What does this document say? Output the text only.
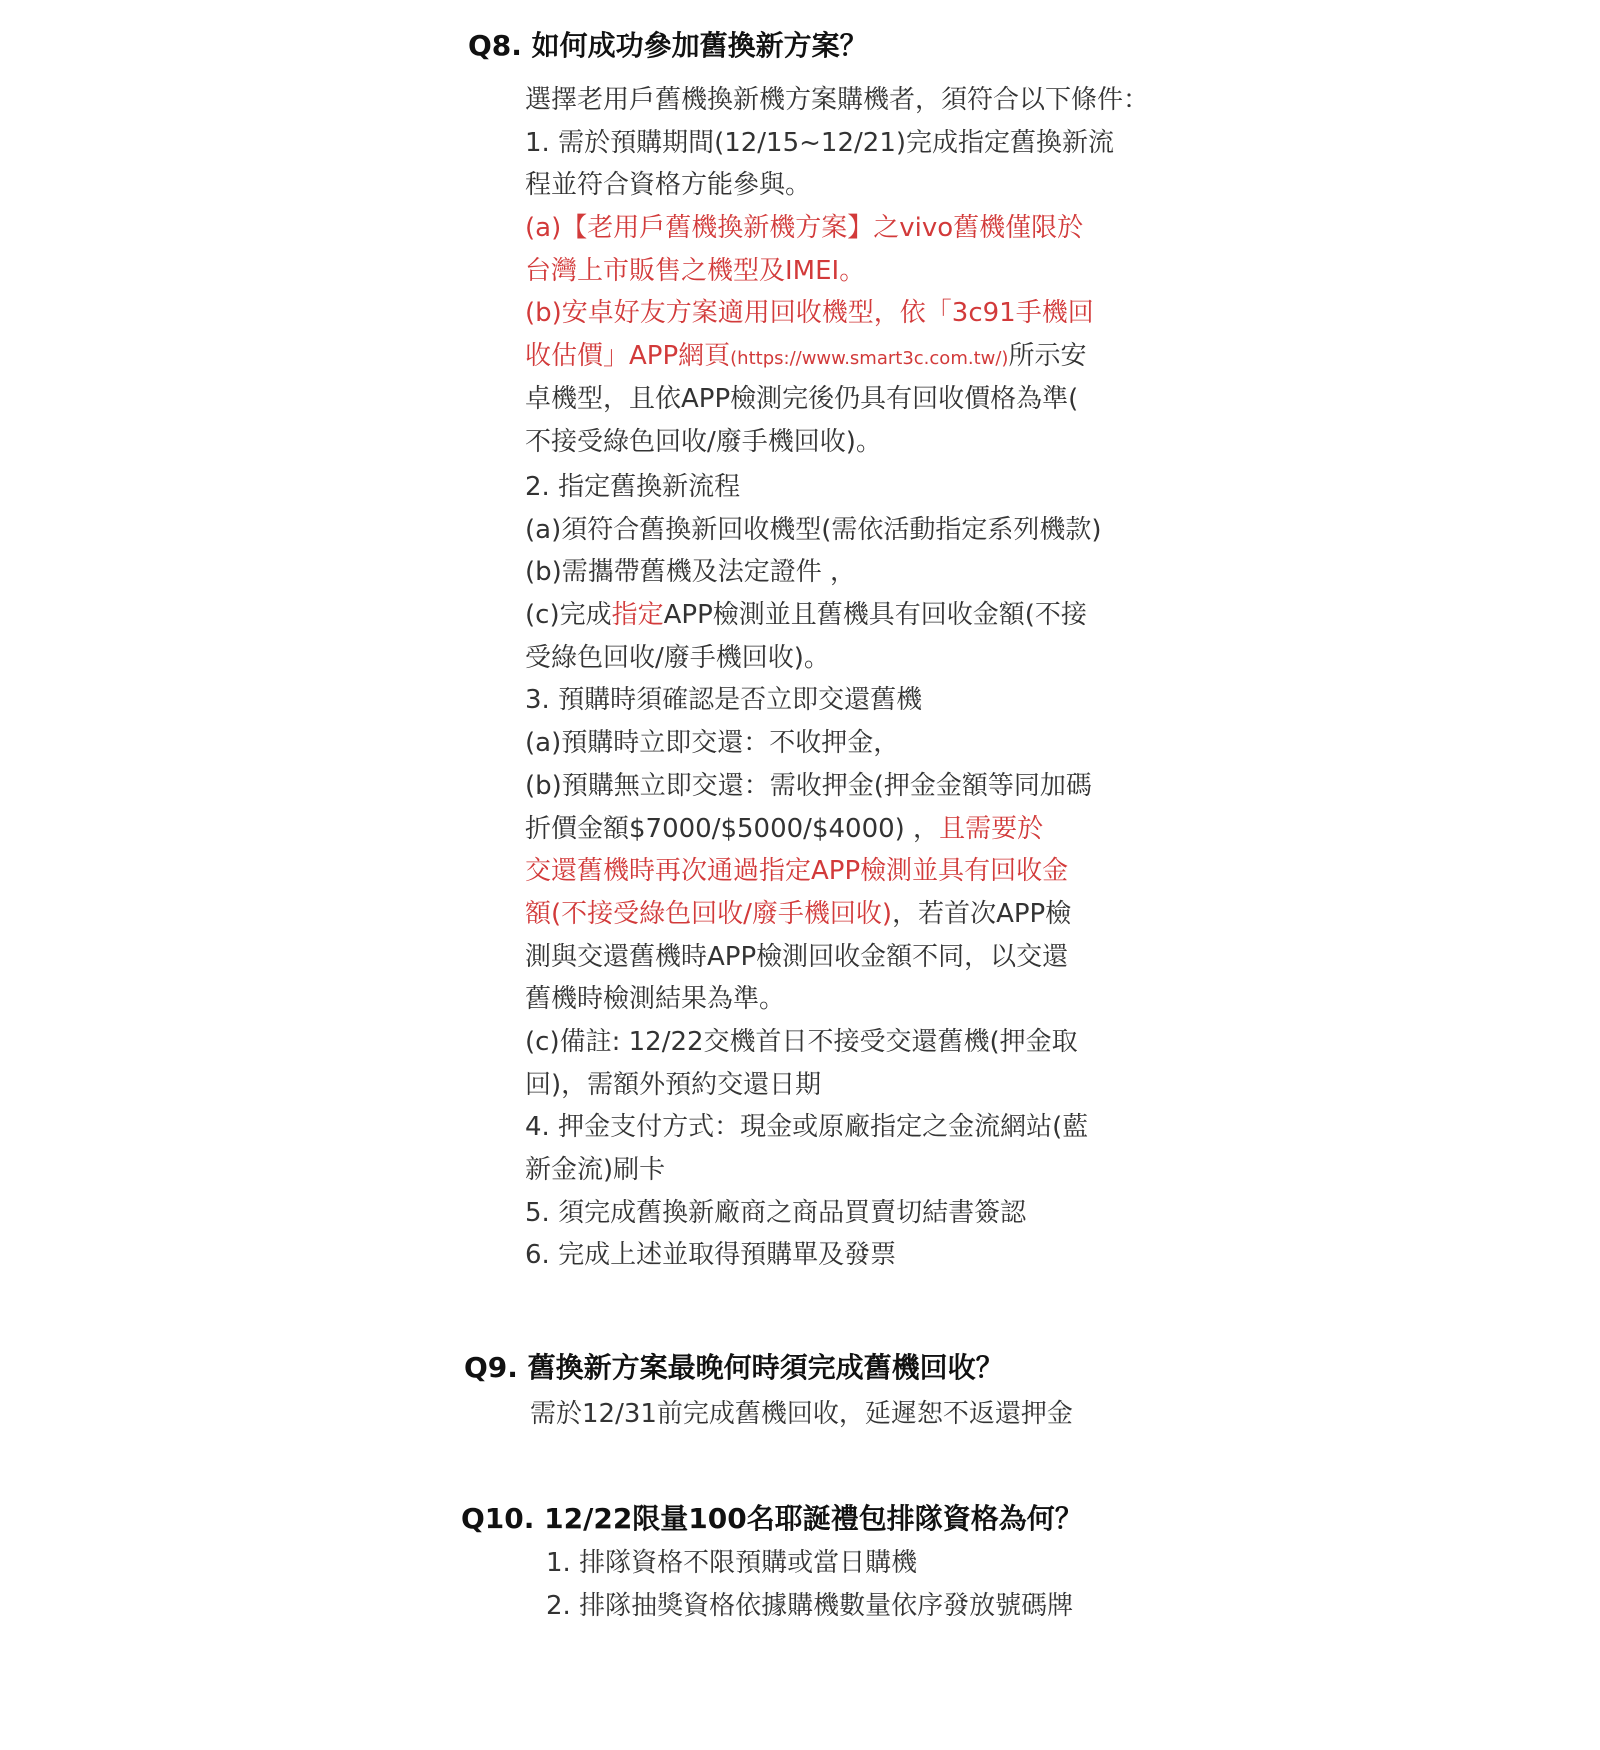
Q8. 如何成功參加舊換新方案？
選擇老用戶舊機換新機方案購機者，須符合以下條件：
1. 需於預購期間(12/15~12/21)完成指定舊換新流
程並符合資格方能參與。
(a)【老用戶舊機換新機方案】之vivo舊機僅限於
台灣上市販售之機型及IMEI。
(b)安卓好友方案適用回收機型，依「3c91手機回
收估價」APP網頁(https://www.smart3c.com.tw/)所示安
卓機型，且依APP檢測完後仍具有回收價格為準(
不接受綠色回收/廢手機回收)。
2. 指定舊換新流程
(a)須符合舊換新回收機型(需依活動指定系列機款)
(b)需攜帶舊機及法定證件 ，
(c)完成指定APP檢測並且舊機具有回收金額(不接
受綠色回收/廢手機回收)。
3. 預購時須確認是否立即交還舊機
(a)預購時立即交還：不收押金，
(b)預購無立即交還：需收押金(押金金額等同加碼
折價金額$7000/$5000/$4000) ，且需要於
交還舊機時再次通過指定APP檢測並具有回收金
額(不接受綠色回收/廢手機回收)，若首次APP檢
測與交還舊機時APP檢測回收金額不同，以交還
舊機時檢測結果為準。
(c)備註: 12/22交機首日不接受交還舊機(押金取
回)，需額外預約交還日期
4. 押金支付方式：現金或原廠指定之金流網站(藍
新金流)刷卡
5. 須完成舊換新廠商之商品買賣切結書簽認
6. 完成上述並取得預購單及發票
Q9. 舊換新方案最晚何時須完成舊機回收？
需於12/31前完成舊機回收，延遲恕不返還押金
Q10. 12/22限量100名耶誕禮包排隊資格為何？
1. 排隊資格不限預購或當日購機
2. 排隊抽獎資格依據購機數量依序發放號碼牌
